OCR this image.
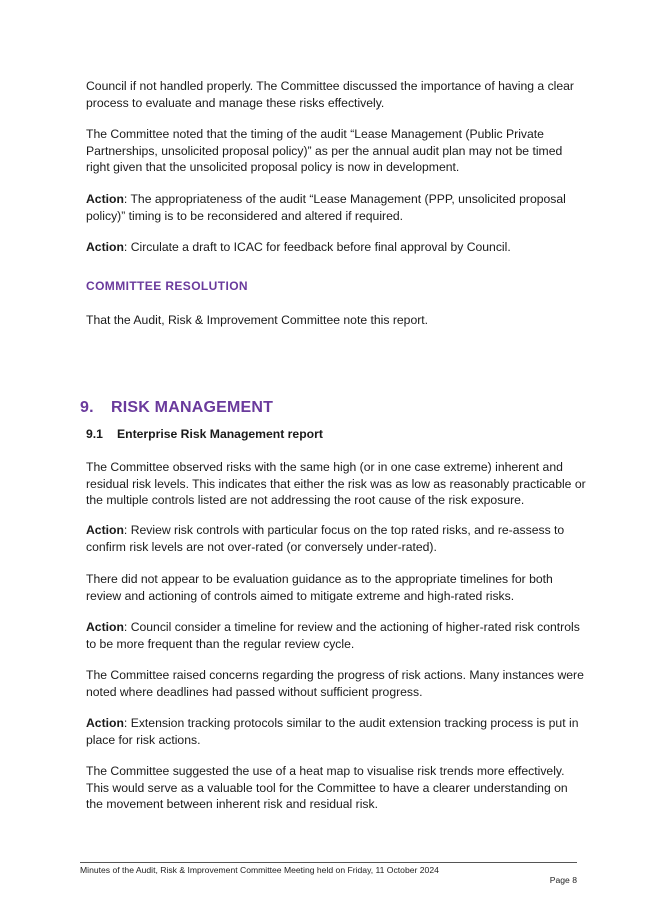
Council if not handled properly. The Committee discussed the importance of having a clear process to evaluate and manage these risks effectively.

The Committee noted that the timing of the audit “Lease Management (Public Private Partnerships, unsolicited proposal policy)” as per the annual audit plan may not be timed right given that the unsolicited proposal policy is now in development.

Action: The appropriateness of the audit “Lease Management (PPP, unsolicited proposal policy)” timing is to be reconsidered and altered if required.

Action: Circulate a draft to ICAC for feedback before final approval by Council.

COMMITTEE RESOLUTION

That the Audit, Risk & Improvement Committee note this report.

9. RISK MANAGEMENT
9.1 Enterprise Risk Management report

The Committee observed risks with the same high (or in one case extreme) inherent and residual risk levels. This indicates that either the risk was as low as reasonably practicable or the multiple controls listed are not addressing the root cause of the risk exposure.

Action: Review risk controls with particular focus on the top rated risks, and re-assess to confirm risk levels are not over-rated (or conversely under-rated).

There did not appear to be evaluation guidance as to the appropriate timelines for both review and actioning of controls aimed to mitigate extreme and high-rated risks.

Action: Council consider a timeline for review and the actioning of higher-rated risk controls to be more frequent than the regular review cycle.

The Committee raised concerns regarding the progress of risk actions. Many instances were noted where deadlines had passed without sufficient progress.

Action: Extension tracking protocols similar to the audit extension tracking process is put in place for risk actions.

The Committee suggested the use of a heat map to visualise risk trends more effectively. This would serve as a valuable tool for the Committee to have a clearer understanding on the movement between inherent risk and residual risk.

Minutes of the Audit, Risk & Improvement Committee Meeting held on Friday, 11 October 2024
Page 8
